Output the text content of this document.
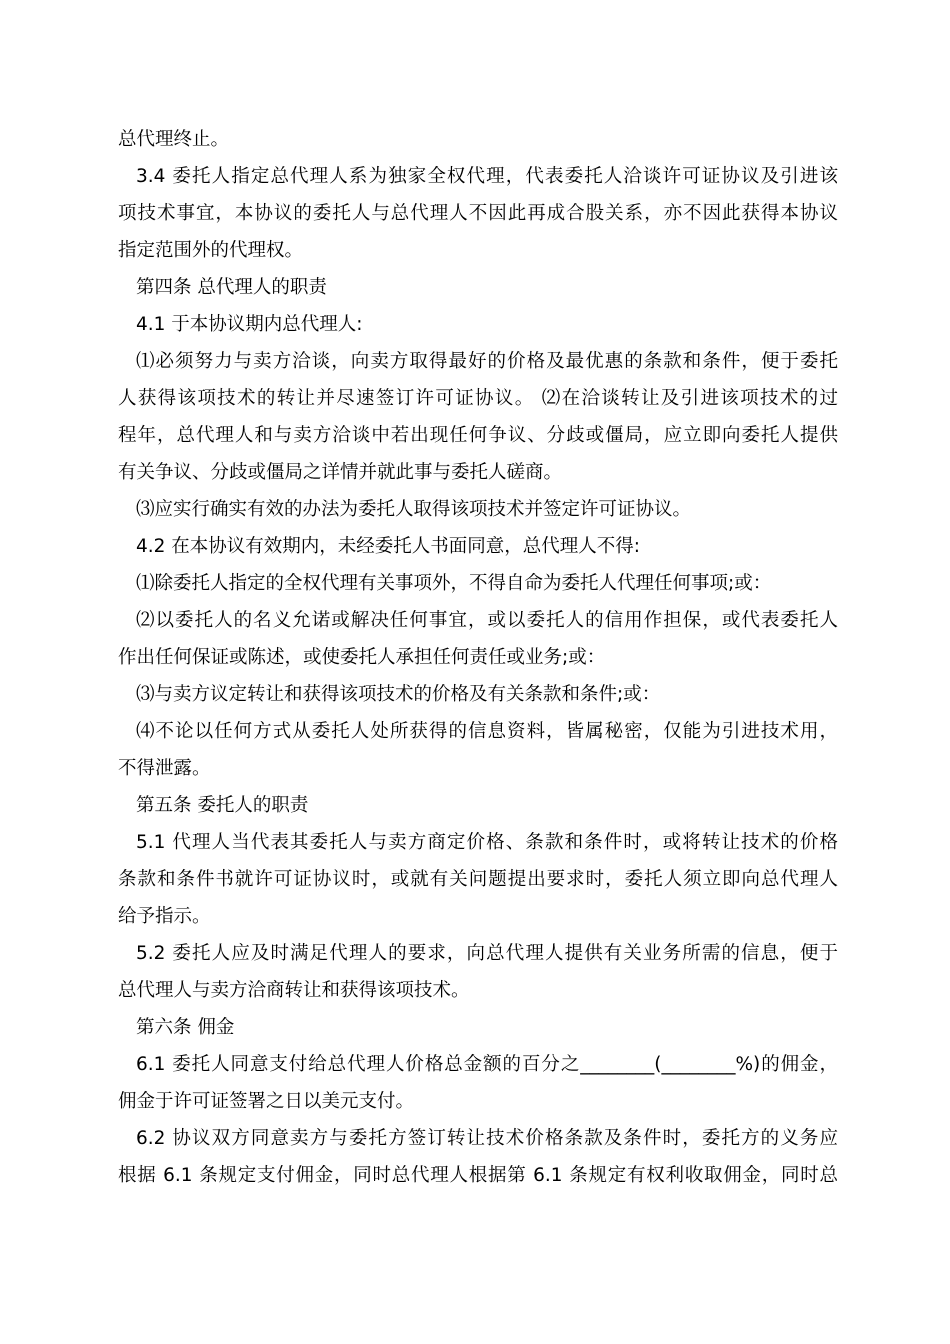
总代理终止。
3.4 委托人指定总代理人系为独家全权代理，代表委托人洽谈许可证协议及引进该
项技术事宜，本协议的委托人与总代理人不因此再成合股关系，亦不因此获得本协议
指定范围外的代理权。
第四条 总代理人的职责
4.1 于本协议期内总代理人:
⑴必须努力与卖方洽谈，向卖方取得最好的价格及最优惠的条款和条件，便于委托
人获得该项技术的转让并尽速签订许可证协议。 ⑵在洽谈转让及引进该项技术的过
程年，总代理人和与卖方洽谈中若出现任何争议、分歧或僵局，应立即向委托人提供
有关争议、分歧或僵局之详情并就此事与委托人磋商。
⑶应实行确实有效的办法为委托人取得该项技术并签定许可证协议。
4.2 在本协议有效期内，未经委托人书面同意，总代理人不得:
⑴除委托人指定的全权代理有关事项外，不得自命为委托人代理任何事项;或：
⑵以委托人的名义允诺或解决任何事宜，或以委托人的信用作担保，或代表委托人
作出任何保证或陈述，或使委托人承担任何责任或业务;或：
⑶与卖方议定转让和获得该项技术的价格及有关条款和条件;或：
⑷不论以任何方式从委托人处所获得的信息资料，皆属秘密，仅能为引进技术用，
不得泄露。
第五条 委托人的职责
5.1 代理人当代表其委托人与卖方商定价格、条款和条件时，或将转让技术的价格
条款和条件书就许可证协议时，或就有关问题提出要求时，委托人须立即向总代理人
给予指示。
5.2 委托人应及时满足代理人的要求，向总代理人提供有关业务所需的信息，便于
总代理人与卖方洽商转让和获得该项技术。
第六条 佣金
6.1 委托人同意支付给总代理人价格总金额的百分之________(________%)的佣金，
佣金于许可证签署之日以美元支付。
6.2 协议双方同意卖方与委托方签订转让技术价格条款及条件时，委托方的义务应
根据 6.1 条规定支付佣金，同时总代理人根据第 6.1 条规定有权利收取佣金，同时总
